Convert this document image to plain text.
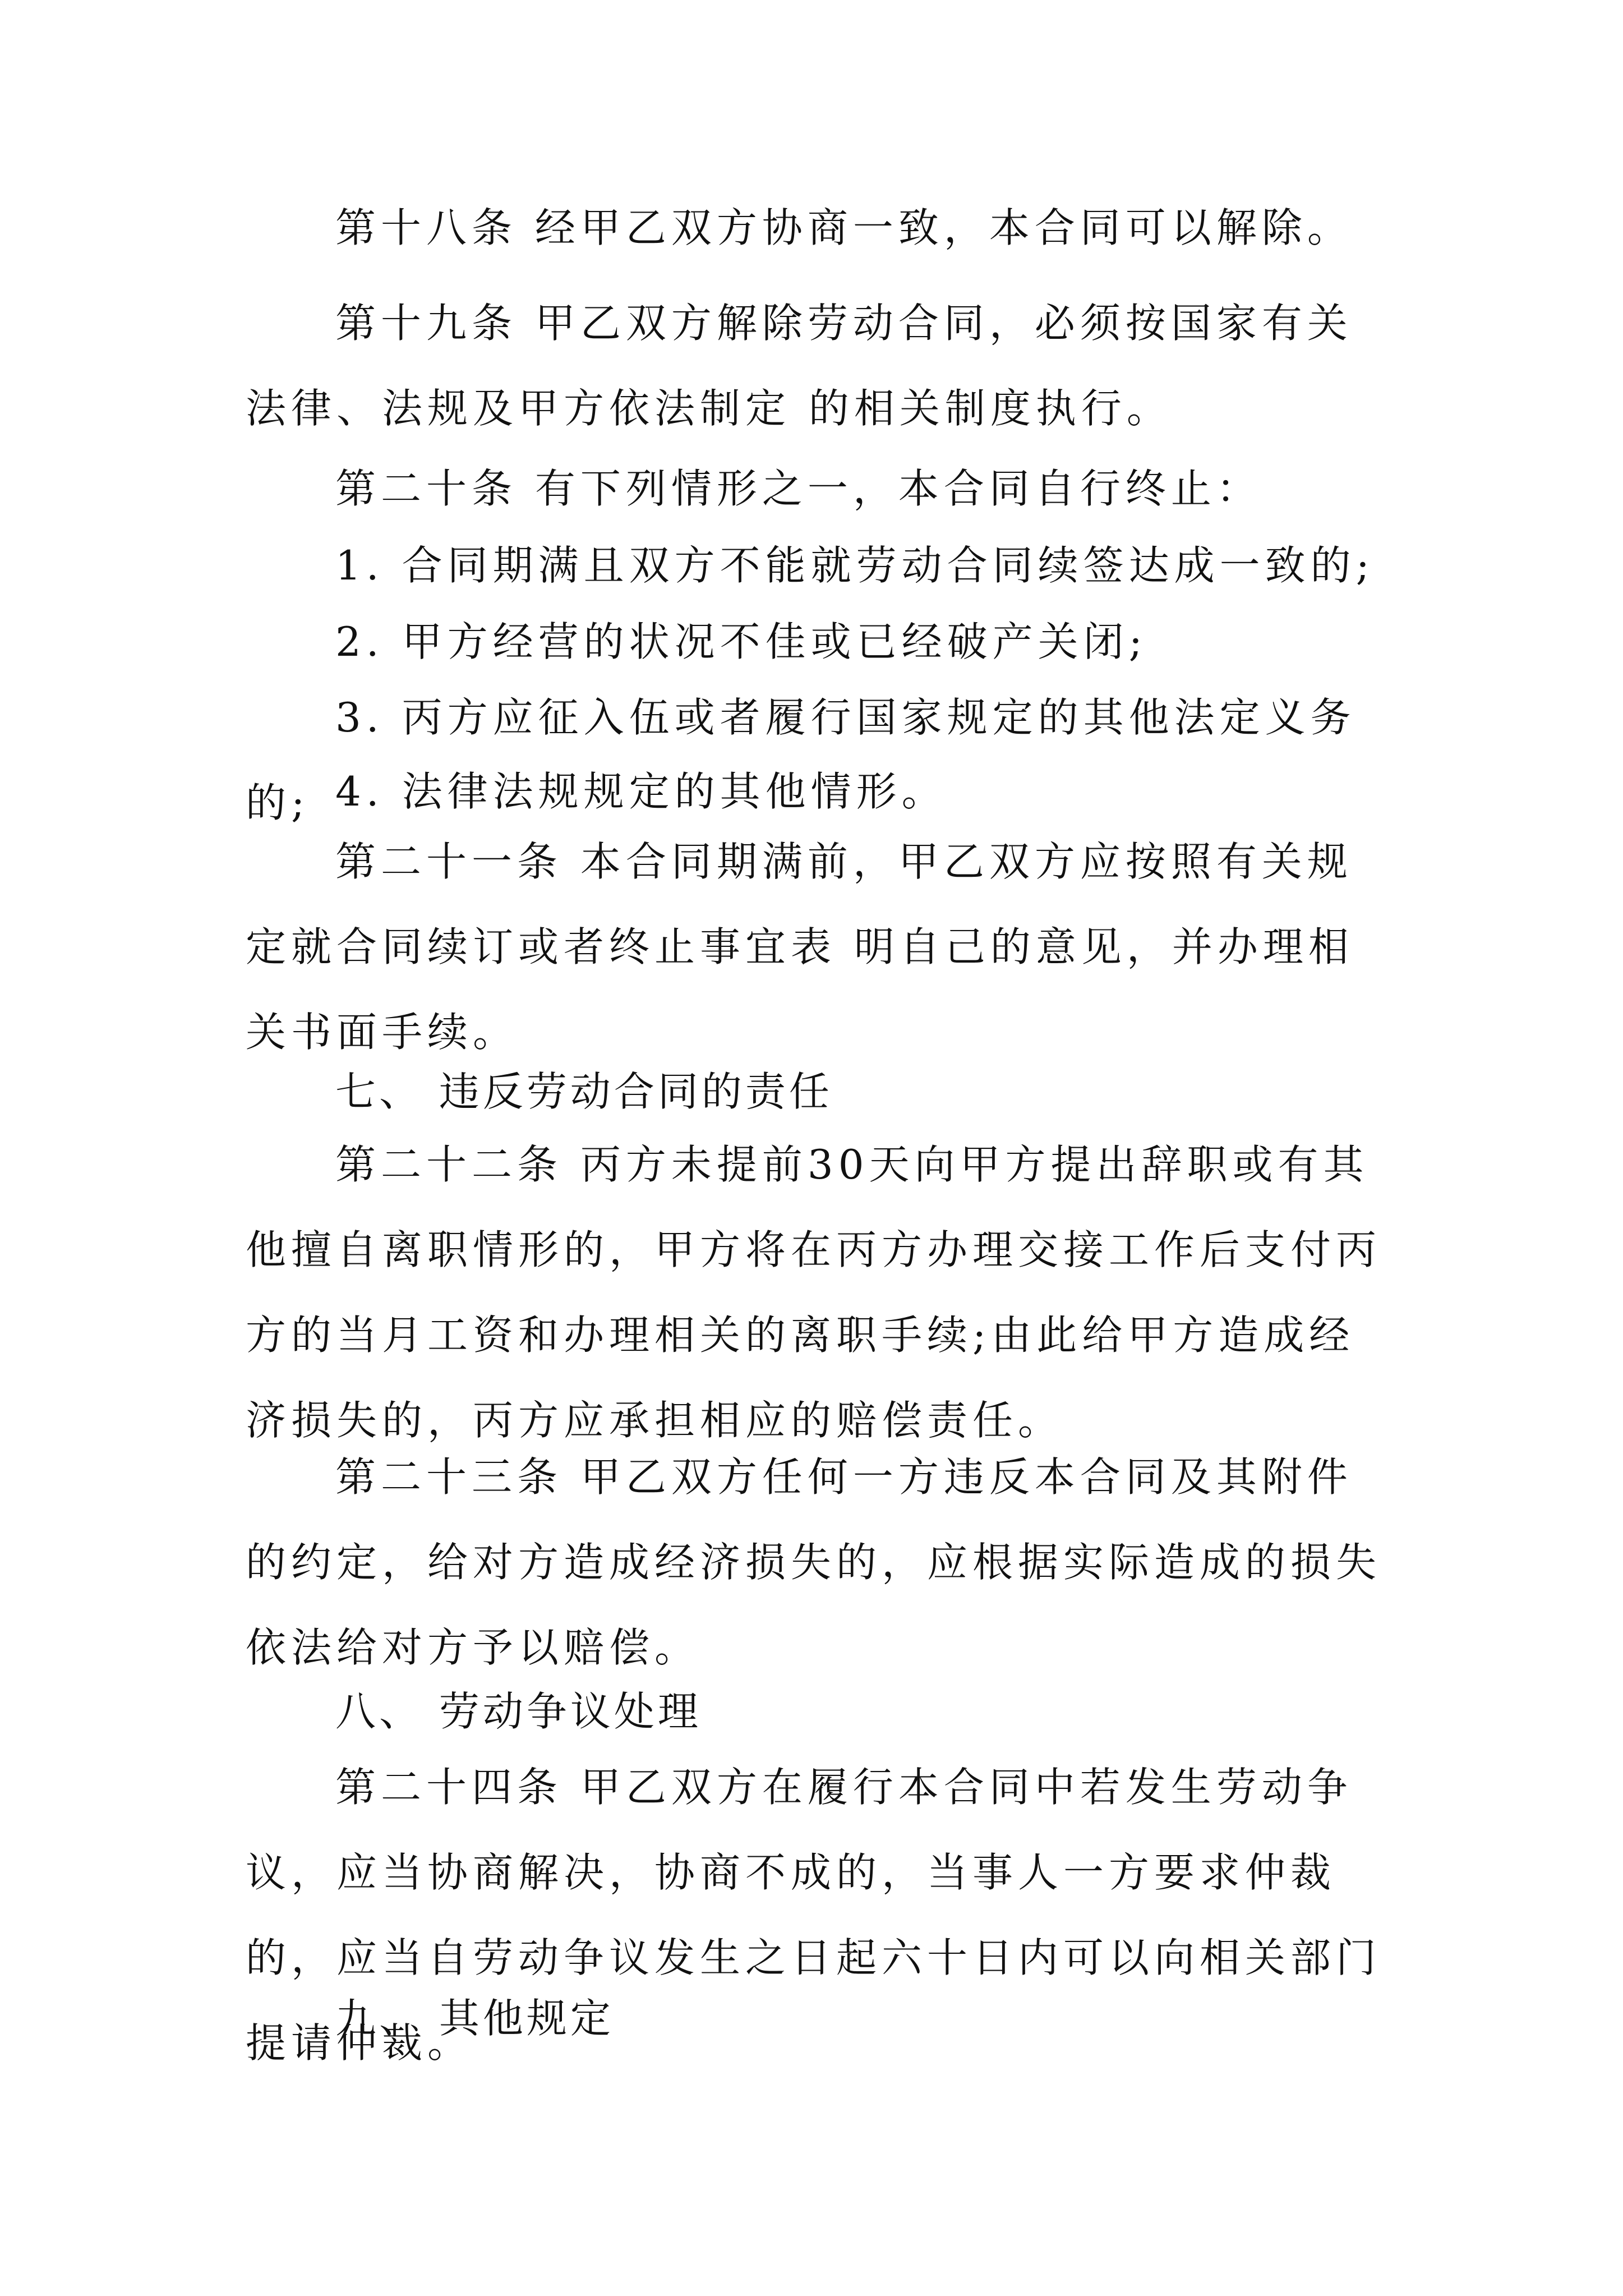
第十八条 经甲乙双方协商一致，本合同可以解除。

第十九条 甲乙双方解除劳动合同，必须按国家有关法律、法规及甲方依法制定 的相关制度执行。

第二十条 有下列情形之一，本合同自行终止：

1. 合同期满且双方不能就劳动合同续签达成一致的;

2. 甲方经营的状况不佳或已经破产关闭;

3. 丙方应征入伍或者履行国家规定的其他法定义务的; 4. 法律法规规定的其他情形。

第二十一条 本合同期满前，甲乙双方应按照有关规定就合同续订或者终止事宜表 明自己的意见，并办理相关书面手续。

七、 违反劳动合同的责任

第二十二条 丙方未提前30天向甲方提出辞职或有其他擅自离职情形的，甲方将在丙方办理交接工作后支付丙方的当月工资和办理相关的离职手续;由此给甲方造成经济损失的，丙方应承担相应的赔偿责任。

第二十三条 甲乙双方任何一方违反本合同及其附件的约定，给对方造成经济损失的，应根据实际造成的损失依法给对方予以赔偿。

八、 劳动争议处理

第二十四条 甲乙双方在履行本合同中若发生劳动争议，应当协商解决，协商不成的，当事人一方要求仲裁的，应当自劳动争议发生之日起六十日内可以向相关部门提请仲裁。

九、 其他规定
